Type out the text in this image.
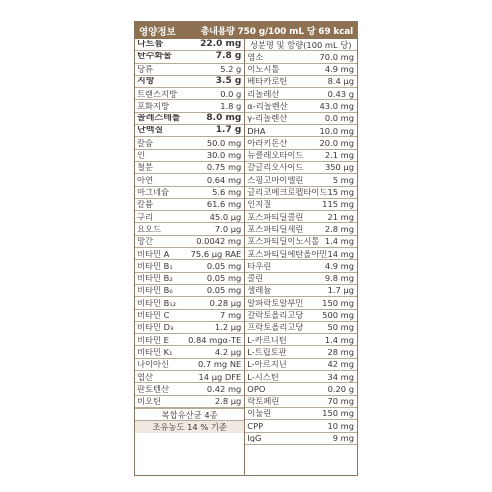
영양정보	총내용량 750 g/100 mL 당 69 kcal
나트륨	22.0 mg
탄수화물	7.8 g
당류	5.2 g
지방	3.5 g
트랜스지방	0.0 g
포화지방	1.8 g
콜레스테롤	8.0 mg
단백질	1.7 g
칼슘	50.0 mg
인	30.0 mg
철분	0.75 mg
아연	0.64 mg
마그네슘	5.6 mg
칼륨	61.6 mg
구리	45.0 μg
요오드	7.0 μg
망간	0.0042 mg
비타민 A	75.6 μg RAE
비타민 B₁	0.05 mg
비타민 B₂	0.05 mg
비타민 B₆	0.05 mg
비타민 B₁₂	0.28 μg
비타민 C	7 mg
비타민 D₃	1.2 μg
비타민 E 0.84 mgα-TE
비타민 K₁	4.2 μg
나이아신	0.7 mg NE
엽산	14 μg DFE
판토텐산	0.42 mg
비오틴	2.8 μg
복합유산균 4종
조유농도 14 % 기준
성분명 및 함량(100 mL 당)
염소	70.0 mg
이노시톨	4.9 mg
베타카로틴	8.4 μg
리놀레산	0.43 g
α-리놀렌산	43.0 mg
γ-리놀렌산	0.0 mg
DHA	10.0 mg
아라키돈산	20.0 mg
뉴클레오타이드	2.1 mg
갈글리오사이드	350 μg
스핑고마이엘린	5 mg
글리코메크로펩타이드 15 mg
인지질	115 mg
포스파티딜콜린	21 mg
포스파티딜세린	2.8 mg
포스파티딜이노시톨 1.4 mg
포스파티딜에탄올아민 14 mg
타우린	4.9 mg
콜린	9.8 mg
셀레늄	1.7 μg
알파락토알부민 150 mg
갈락토올리고당 500 mg
프락토올리고당	50 mg
L-카르니틴	1.4 mg
L-트립토판	28 mg
L-아르지닌	42 mg
L-시스틴	34 mg
OPO	0.20 g
락토페린	70 mg
이눌린	150 mg
CPP	10 mg
IgG	9 mg
